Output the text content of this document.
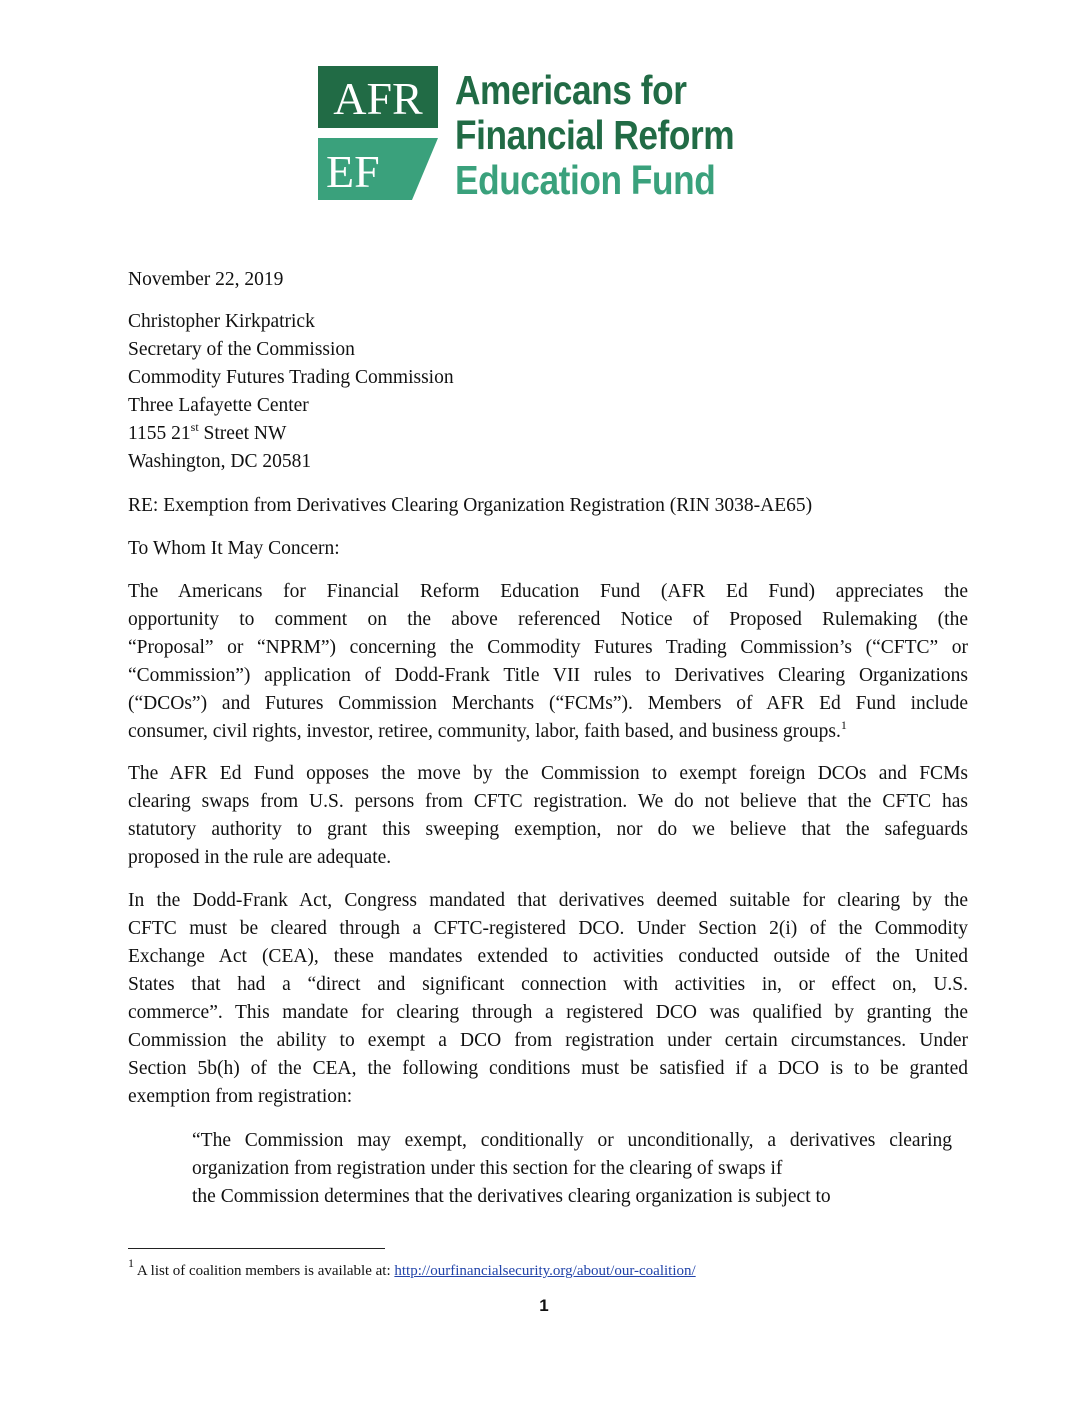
AFR
EF
Americans for
Financial Reform
Education Fund
November 22, 2019
Christopher Kirkpatrick
Secretary of the Commission
Commodity Futures Trading Commission
Three Lafayette Center
1155 21st Street NW
Washington, DC 20581
RE: Exemption from Derivatives Clearing Organization Registration (RIN 3038-AE65)
To Whom It May Concern:
The Americans for Financial Reform Education Fund (AFR Ed Fund) appreciates the
opportunity to comment on the above referenced Notice of Proposed Rulemaking (the
“Proposal” or “NPRM”) concerning the Commodity Futures Trading Commission’s (“CFTC” or
“Commission”) application of Dodd-Frank Title VII rules to Derivatives Clearing Organizations
(“DCOs”) and Futures Commission Merchants (“FCMs”). Members of AFR Ed Fund include
consumer, civil rights, investor, retiree, community, labor, faith based, and business groups.$^1$
The AFR Ed Fund opposes the move by the Commission to exempt foreign DCOs and FCMs
clearing swaps from U.S. persons from CFTC registration. We do not believe that the CFTC has
statutory authority to grant this sweeping exemption, nor do we believe that the safeguards
proposed in the rule are adequate.
In the Dodd-Frank Act, Congress mandated that derivatives deemed suitable for clearing by the
CFTC must be cleared through a CFTC-registered DCO. Under Section 2(i) of the Commodity
Exchange Act (CEA), these mandates extended to activities conducted outside of the United
States that had a “direct and significant connection with activities in, or effect on, U.S.
commerce”. This mandate for clearing through a registered DCO was qualified by granting the
Commission the ability to exempt a DCO from registration under certain circumstances. Under
Section 5b(h) of the CEA, the following conditions must be satisfied if a DCO is to be granted
exemption from registration:
“The Commission may exempt, conditionally or unconditionally, a derivatives clearing
organization from registration under this section for the clearing of swaps if
the Commission determines that the derivatives clearing organization is subject to
$^1$ A list of coalition members is available at: http://ourfinancialsecurity.org/about/our-coalition/
1
